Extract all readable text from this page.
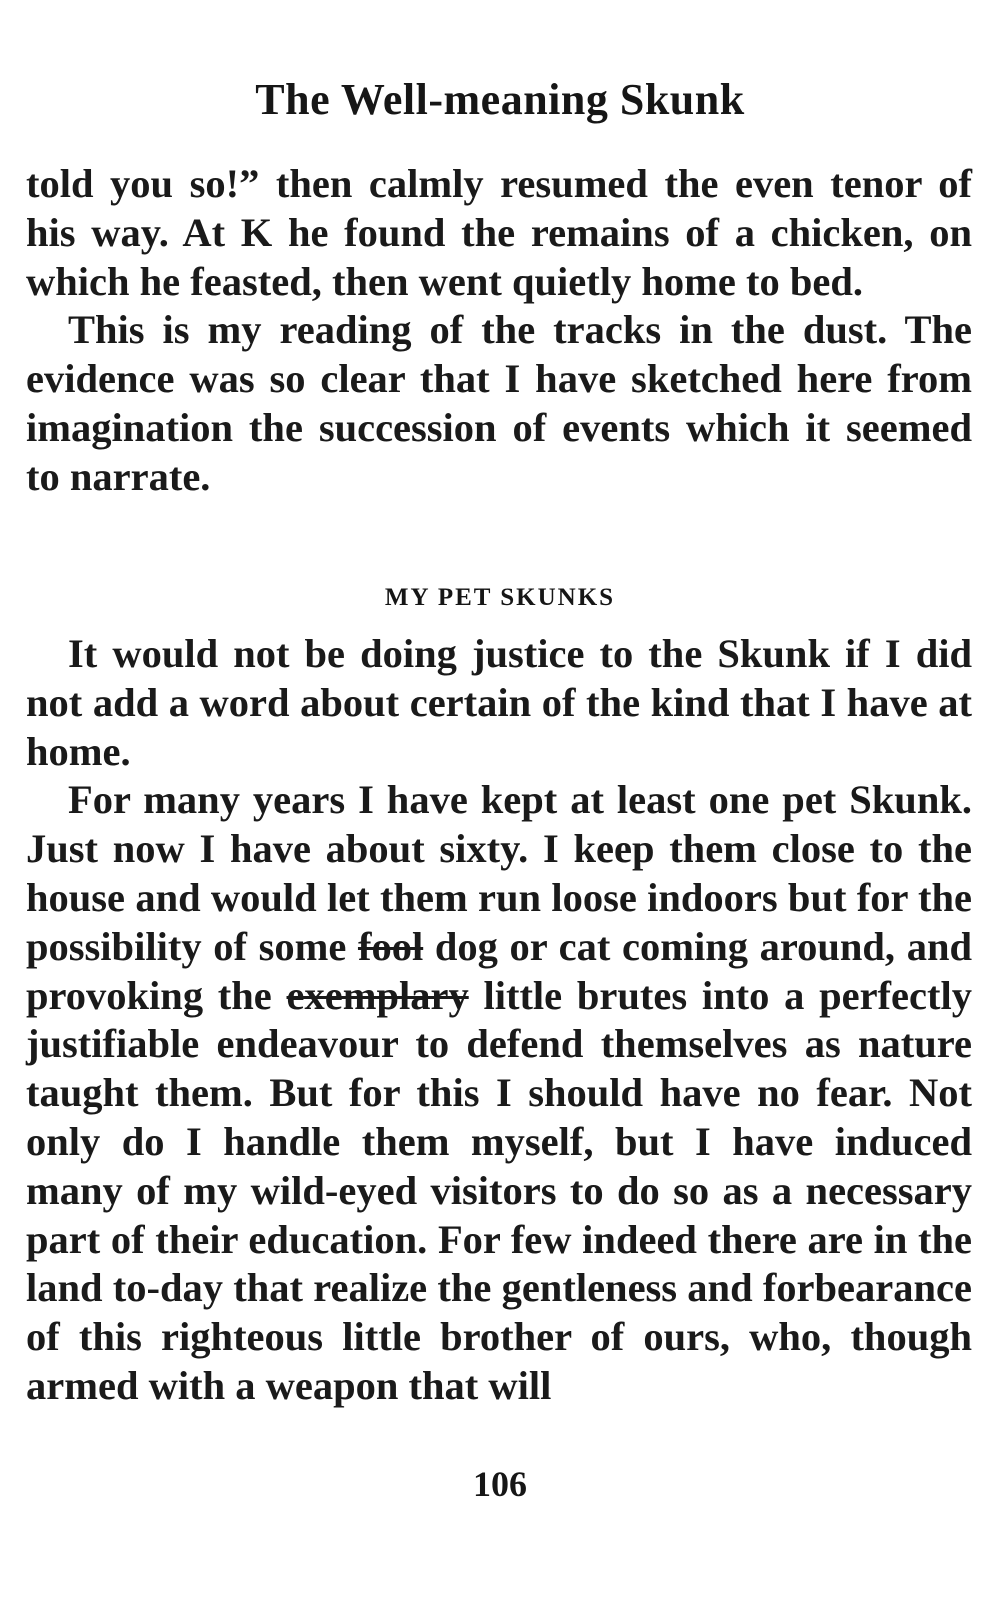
The Well-meaning Skunk

told you so!” then calmly resumed the even tenor of his way. At K he found the remains of a chicken, on which he feasted, then went quietly home to bed.

This is my reading of the tracks in the dust. The evidence was so clear that I have sketched here from imagination the succession of events which it seemed to narrate.

MY PET SKUNKS

It would not be doing justice to the Skunk if I did not add a word about certain of the kind that I have at home.

For many years I have kept at least one pet Skunk. Just now I have about sixty. I keep them close to the house and would let them run loose indoors but for the possibility of some fool dog or cat coming around, and provoking the exemplary little brutes into a perfectly justifiable endeavour to defend themselves as nature taught them. But for this I should have no fear. Not only do I handle them myself, but I have induced many of my wild-eyed visitors to do so as a necessary part of their education. For few indeed there are in the land to-day that realize the gentleness and forbearance of this righteous little brother of ours, who, though armed with a weapon that will

106
